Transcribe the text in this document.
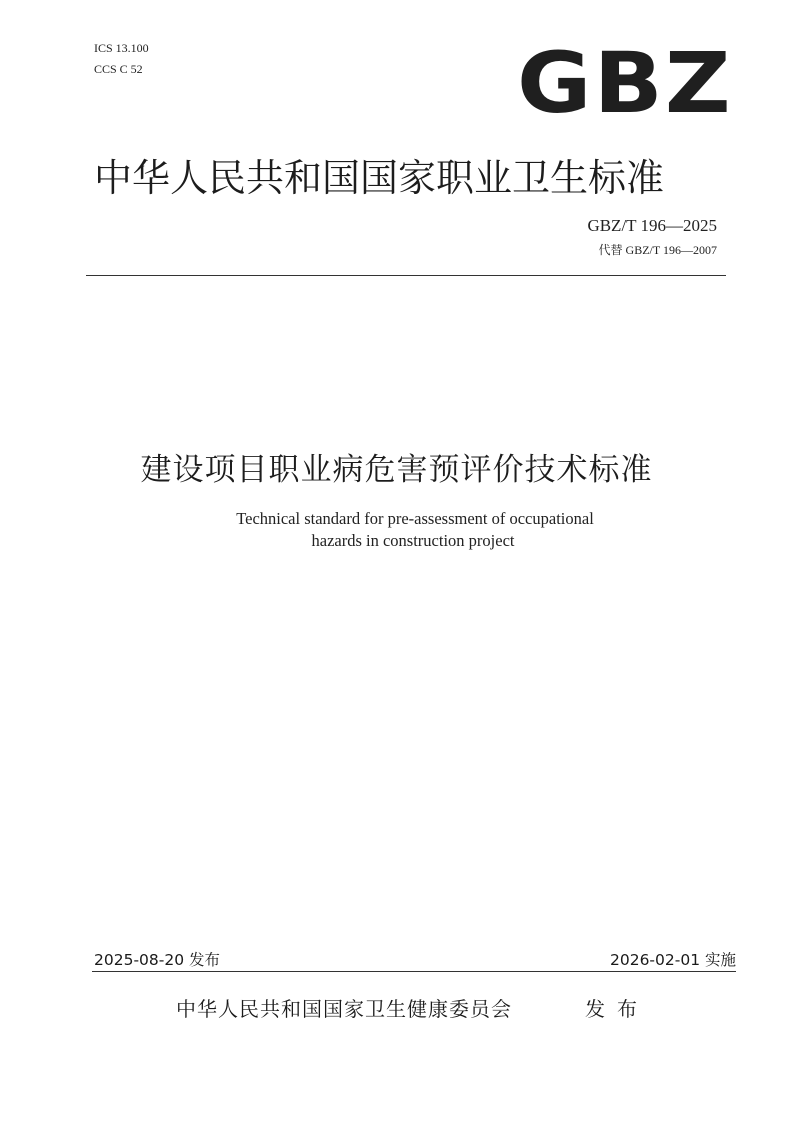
ICS 13.100
CCS C 52	GBZ
中华人民共和国国家职业卫生标准
GBZ/T 196—2025
代替 GBZ/T 196—2007
建设项目职业病危害预评价技术标准
Technical standard for pre-assessment of occupational
hazards in construction project
2025-08-20 发布	2026-02-01 实施
中华人民共和国国家卫生健康委员会	发布
